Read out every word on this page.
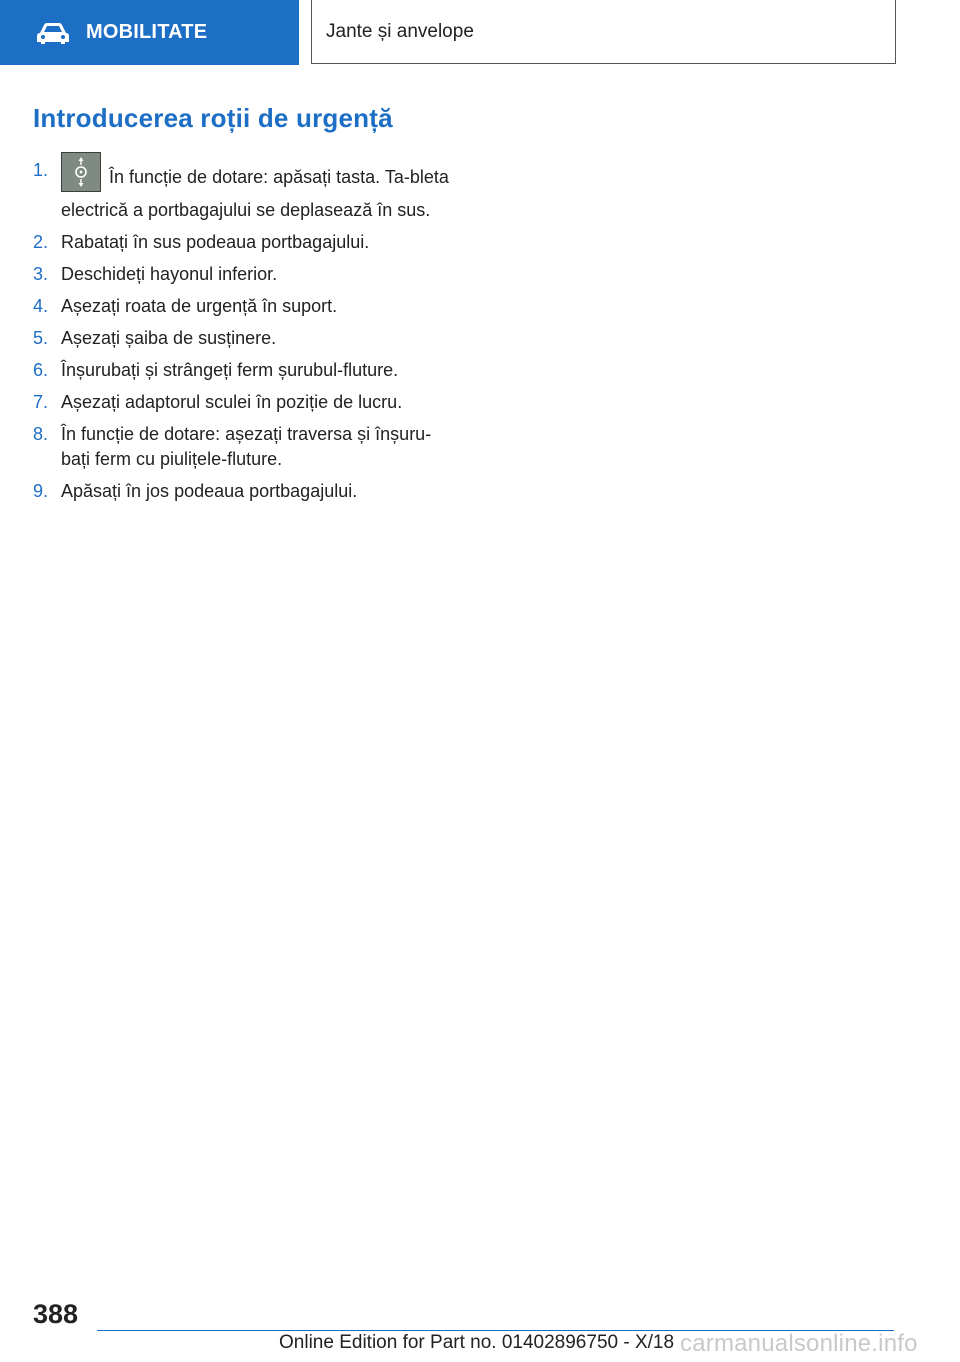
MOBILITATE	Jante și anvelope
Introducerea roții de urgență
1.	În funcție de dotare: apăsați tasta. Ta‐bleta electrică a portbagajului se deplasează în sus.
2. Rabatați în sus podeaua portbagajului.
3. Deschideți hayonul inferior.
4. Așezați roata de urgență în suport.
5. Așezați șaiba de susținere.
6. Înșurubați și strângeți ferm șurubul-fluture.
7. Așezați adaptorul sculei în poziție de lucru.
8. În funcție de dotare: așezați traversa și înșuru‐bați ferm cu piulițele-fluture.
9. Apăsați în jos podeaua portbagajului.
388
Online Edition for Part no. 01402896750 - X/18 carmanualsonline.info
